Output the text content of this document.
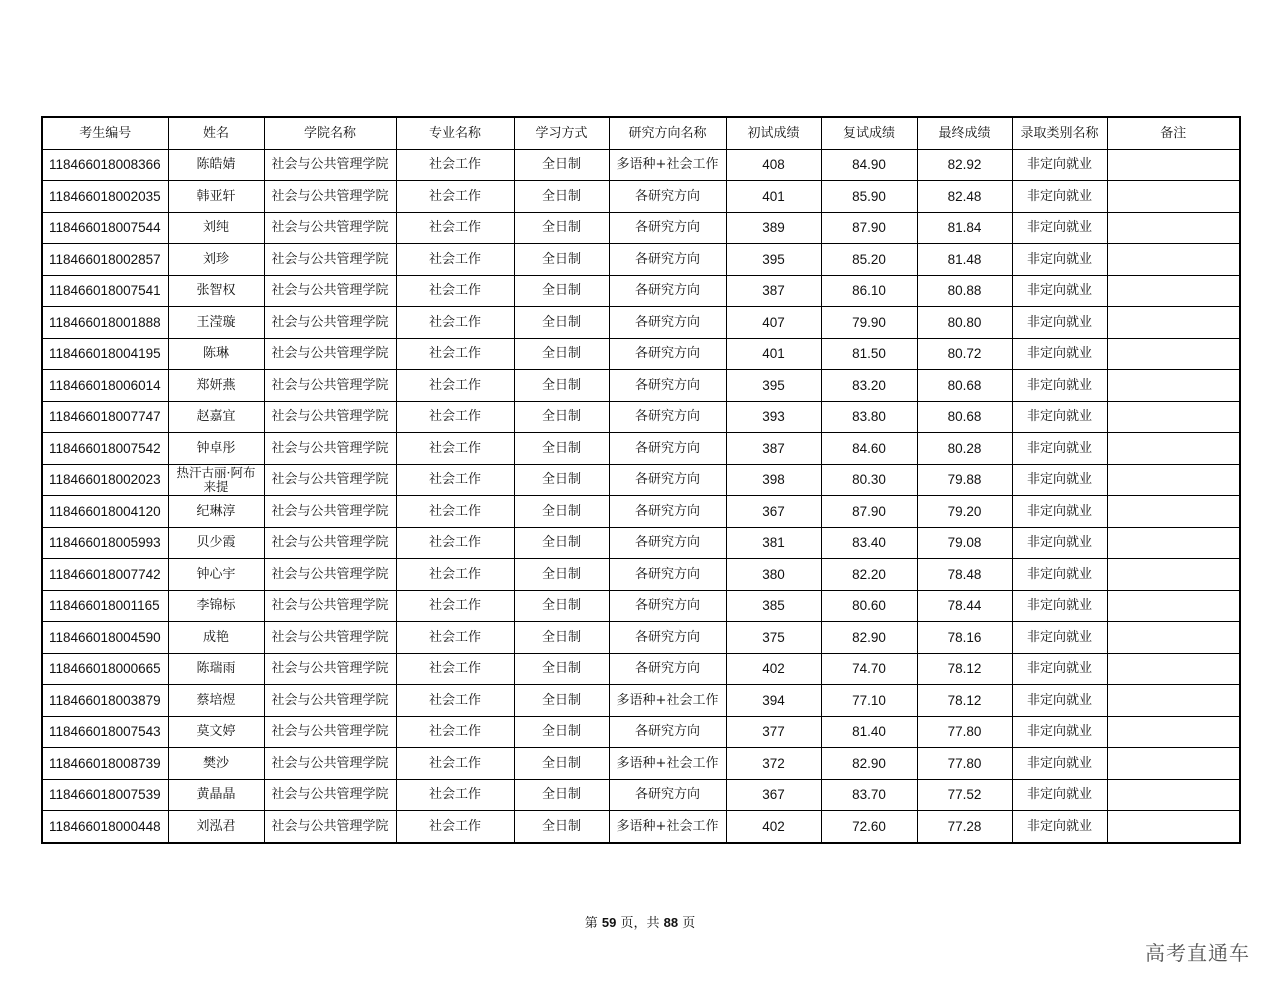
考生编号	姓名	学院名称	专业名称	学习方式	研究方向名称	初试成绩	复试成绩	最终成绩	录取类别名称	备注
118466018008366	陈皓婧	社会与公共管理学院	社会工作	全日制	多语种+社会工作	408	84.90	82.92	非定向就业	
118466018002035	韩亚轩	社会与公共管理学院	社会工作	全日制	各研究方向	401	85.90	82.48	非定向就业	
118466018007544	刘纯	社会与公共管理学院	社会工作	全日制	各研究方向	389	87.90	81.84	非定向就业	
118466018002857	刘珍	社会与公共管理学院	社会工作	全日制	各研究方向	395	85.20	81.48	非定向就业	
118466018007541	张智权	社会与公共管理学院	社会工作	全日制	各研究方向	387	86.10	80.88	非定向就业	
118466018001888	王滢璇	社会与公共管理学院	社会工作	全日制	各研究方向	407	79.90	80.80	非定向就业	
118466018004195	陈琳	社会与公共管理学院	社会工作	全日制	各研究方向	401	81.50	80.72	非定向就业	
118466018006014	郑妍燕	社会与公共管理学院	社会工作	全日制	各研究方向	395	83.20	80.68	非定向就业	
118466018007747	赵嘉宜	社会与公共管理学院	社会工作	全日制	各研究方向	393	83.80	80.68	非定向就业	
118466018007542	钟卓彤	社会与公共管理学院	社会工作	全日制	各研究方向	387	84.60	80.28	非定向就业	
118466018002023	热汗古丽·阿布来提	社会与公共管理学院	社会工作	全日制	各研究方向	398	80.30	79.88	非定向就业	
118466018004120	纪琳淳	社会与公共管理学院	社会工作	全日制	各研究方向	367	87.90	79.20	非定向就业	
118466018005993	贝少霞	社会与公共管理学院	社会工作	全日制	各研究方向	381	83.40	79.08	非定向就业	
118466018007742	钟心宇	社会与公共管理学院	社会工作	全日制	各研究方向	380	82.20	78.48	非定向就业	
118466018001165	李锦标	社会与公共管理学院	社会工作	全日制	各研究方向	385	80.60	78.44	非定向就业	
118466018004590	成艳	社会与公共管理学院	社会工作	全日制	各研究方向	375	82.90	78.16	非定向就业	
118466018000665	陈瑞雨	社会与公共管理学院	社会工作	全日制	各研究方向	402	74.70	78.12	非定向就业	
118466018003879	蔡培煜	社会与公共管理学院	社会工作	全日制	多语种+社会工作	394	77.10	78.12	非定向就业	
118466018007543	莫文婷	社会与公共管理学院	社会工作	全日制	各研究方向	377	81.40	77.80	非定向就业	
118466018008739	樊沙	社会与公共管理学院	社会工作	全日制	多语种+社会工作	372	82.90	77.80	非定向就业	
118466018007539	黄晶晶	社会与公共管理学院	社会工作	全日制	各研究方向	367	83.70	77.52	非定向就业	
118466018000448	刘泓君	社会与公共管理学院	社会工作	全日制	多语种+社会工作	402	72.60	77.28	非定向就业	
第 59 页，共 88 页
高考直通车
